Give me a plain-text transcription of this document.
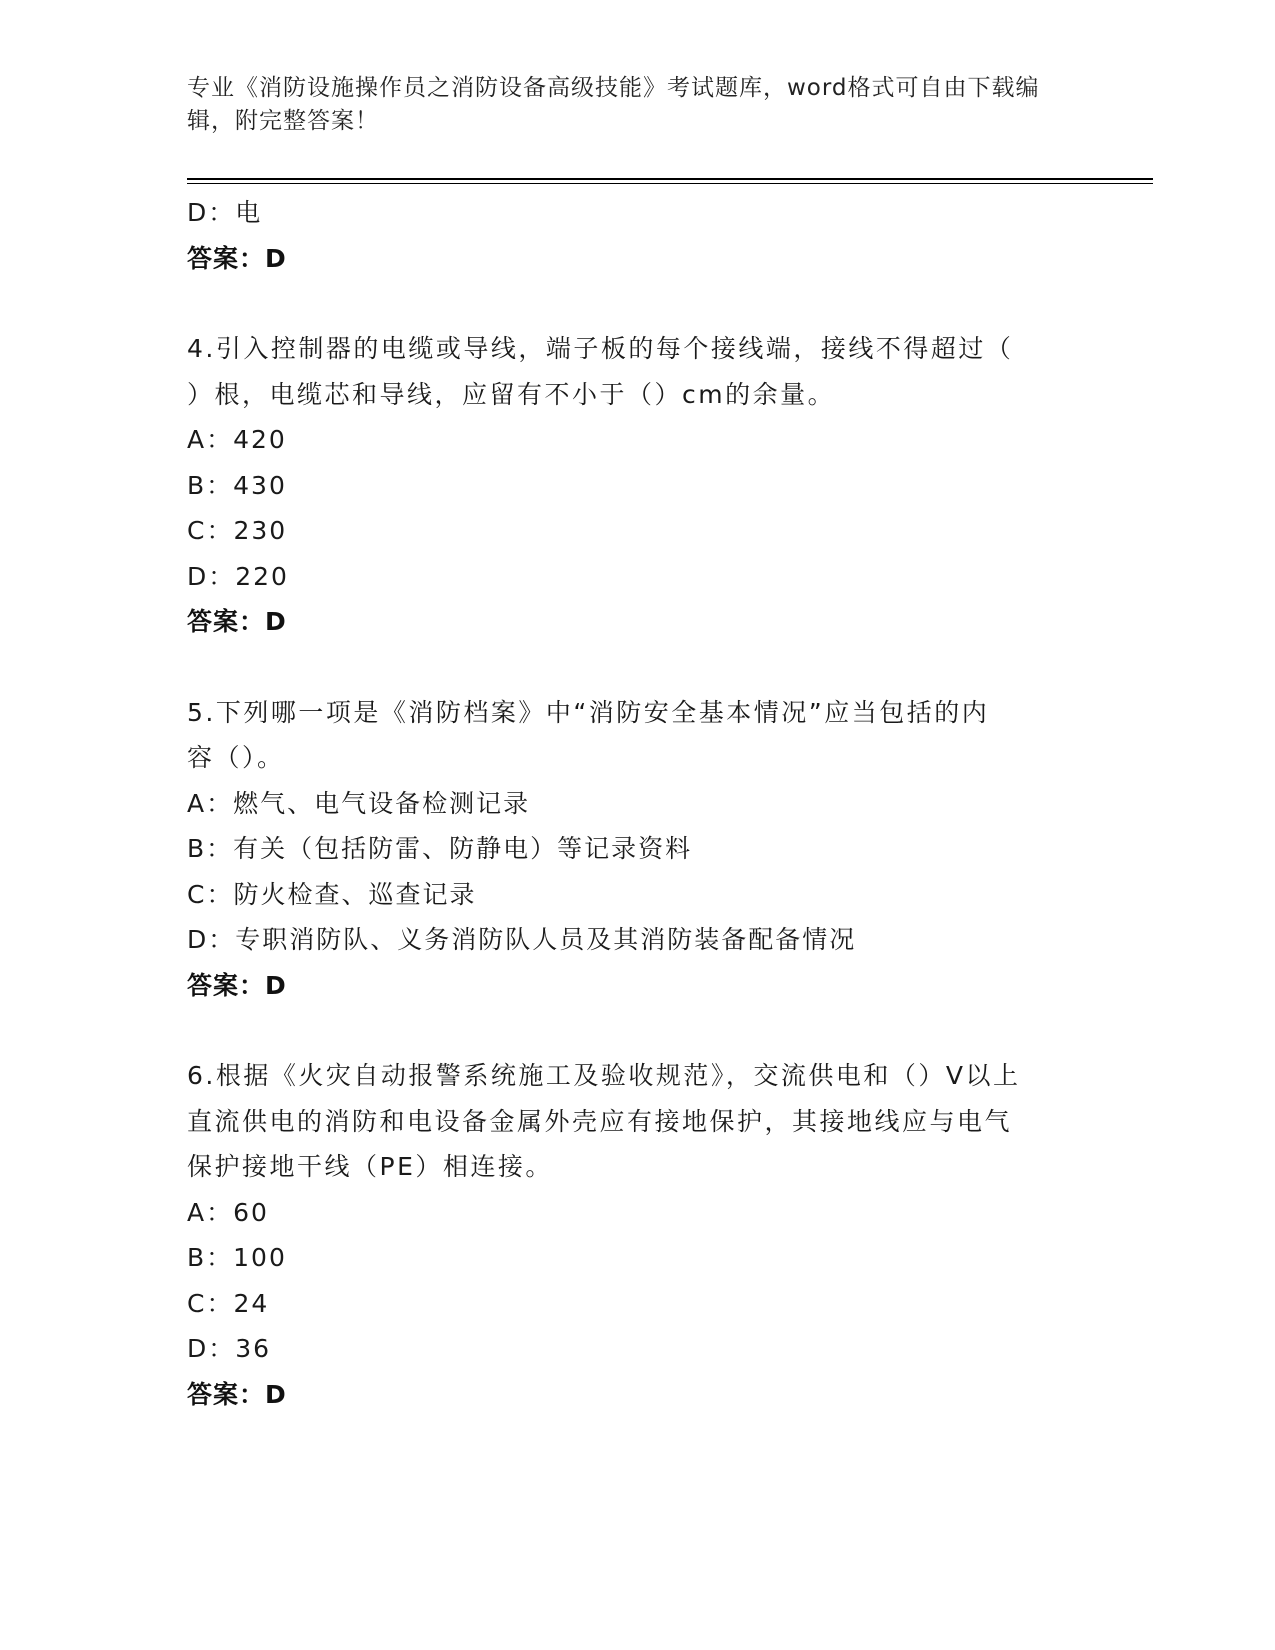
专业《消防设施操作员之消防设备高级技能》考试题库，word格式可自由下载编
辑，附完整答案！
D：电
答案：D
4.引入控制器的电缆或导线，端子板的每个接线端，接线不得超过（
）根，电缆芯和导线，应留有不小于（）cm的余量。
A：420
B：430
C：230
D：220
答案：D
5.下列哪一项是《消防档案》中“消防安全基本情况”应当包括的内
容（）。
A：燃气、电气设备检测记录
B：有关（包括防雷、防静电）等记录资料
C：防火检查、巡查记录
D：专职消防队、义务消防队人员及其消防装备配备情况
答案：D
6.根据《火灾自动报警系统施工及验收规范》，交流供电和（）V以上
直流供电的消防和电设备金属外壳应有接地保护，其接地线应与电气
保护接地干线（PE）相连接。
A：60
B：100
C：24
D：36
答案：D
